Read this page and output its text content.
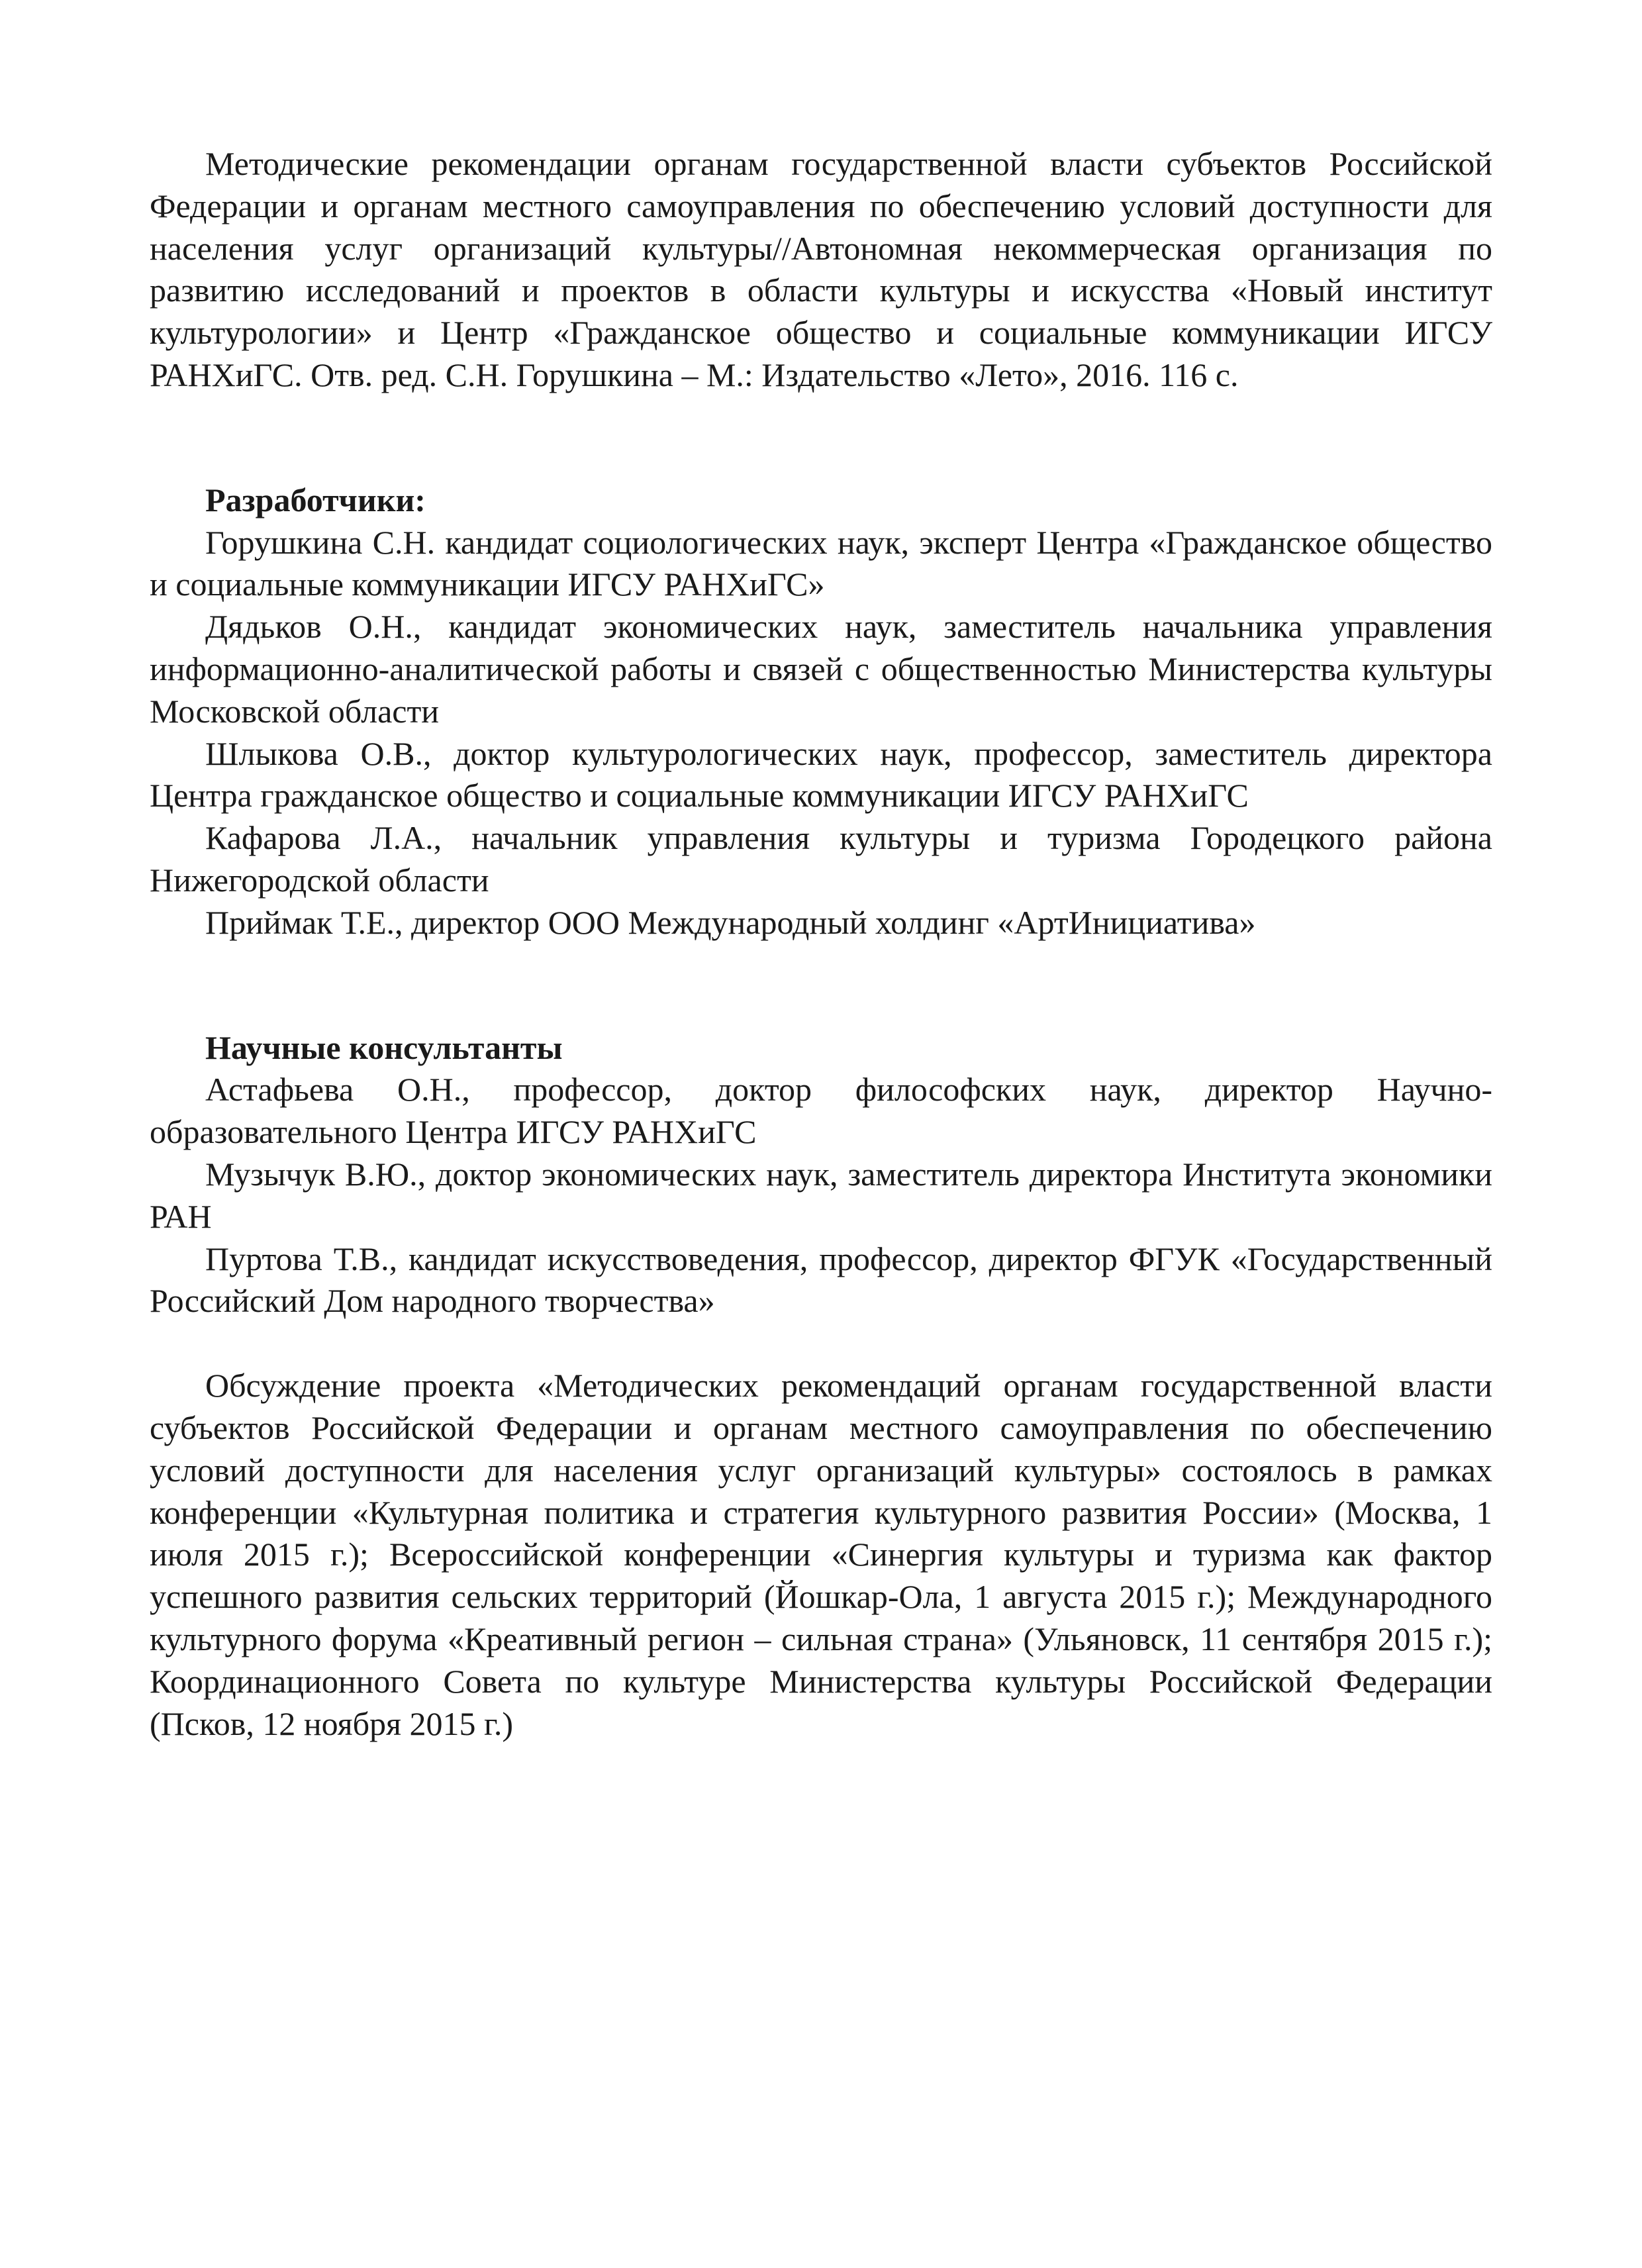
Методические рекомендации органам государственной власти субъектов Российской Федерации и органам местного самоуправления по обеспечению условий доступности для населения услуг организаций культуры//Автономная некоммерческая организация по развитию исследований и проектов в области культуры и искусства «Новый институт культурологии» и Центр «Гражданское общество и социальные коммуникации ИГСУ РАНХиГС. Отв. ред. С.Н. Горушкина – М.: Издательство «Лето», 2016. 116 с.

Разработчики:

Горушкина С.Н. кандидат социологических наук, эксперт Центра «Гражданское общество и социальные коммуникации ИГСУ РАНХиГС»

Дядьков О.Н., кандидат экономических наук, заместитель начальника управления информационно-аналитической работы и связей с общественностью Министерства культуры Московской области

Шлыкова О.В., доктор культурологических наук, профессор, заместитель директора Центра гражданское общество и социальные коммуникации ИГСУ РАНХиГС

Кафарова Л.А., начальник управления культуры и туризма Городецкого района Нижегородской области

Приймак Т.Е., директор ООО Международный холдинг «АртИнициатива»

Научные консультанты

Астафьева О.Н., профессор, доктор философских наук, директор Научно-образовательного Центра ИГСУ РАНХиГС

Музычук В.Ю., доктор экономических наук, заместитель директора Института экономики РАН

Пуртова Т.В., кандидат искусствоведения, профессор, директор ФГУК «Государственный Российский Дом народного творчества»

Обсуждение проекта «Методических рекомендаций органам государственной власти субъектов Российской Федерации и органам местного самоуправления по обеспечению условий доступности для населения услуг организаций культуры» состоялось в рамках конференции «Культурная политика и стратегия культурного развития России» (Москва, 1 июля 2015 г.); Всероссийской конференции «Синергия культуры и туризма как фактор успешного развития сельских территорий (Йошкар-Ола, 1 августа 2015 г.); Международного культурного форума «Креативный регион – сильная страна» (Ульяновск, 11 сентября 2015 г.); Координационного Совета по культуре Министерства культуры Российской Федерации (Псков, 12 ноября 2015 г.)
